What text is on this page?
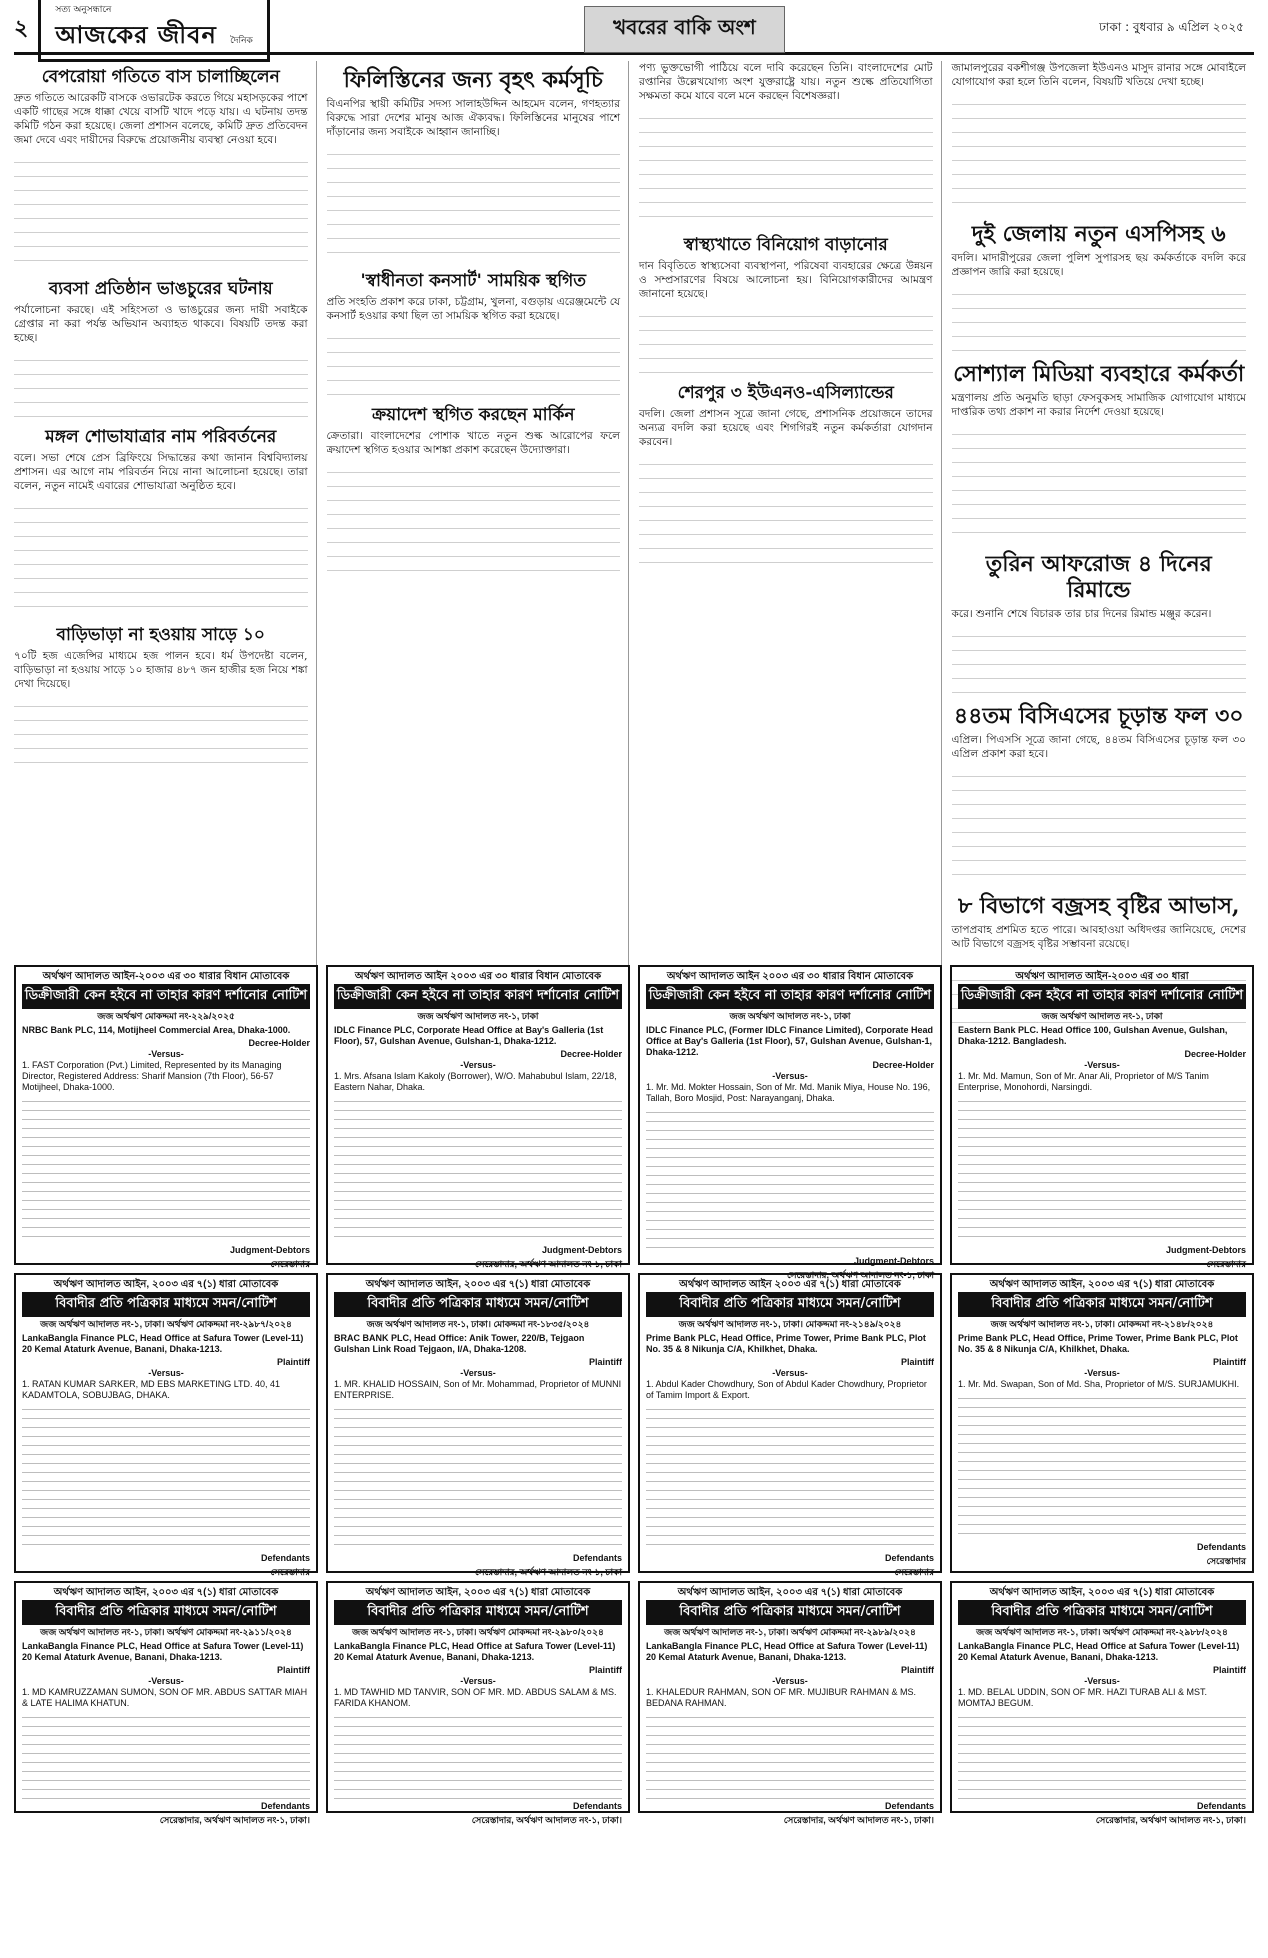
২
সত্য অনুসন্ধানে
আজকের জীবন দৈনিক
খবরের বাকি অংশ	ঢাকা : বুধবার ৯ এপ্রিল ২০২৫
বেপরোয়া গতিতে বাস চালাচ্ছিলেন

দ্রুত গতিতে আরেকটি বাসকে ওভারটেক করতে গিয়ে মহাসড়কের পাশে একটি গাছের সঙ্গে ধাক্কা খেয়ে বাসটি খাদে পড়ে যায়। এ ঘটনায় তদন্ত কমিটি গঠন করা হয়েছে। জেলা প্রশাসন বলেছে, কমিটি দ্রুত প্রতিবেদন জমা দেবে এবং দায়ীদের বিরুদ্ধে প্রয়োজনীয় ব্যবস্থা নেওয়া হবে।

ব্যবসা প্রতিষ্ঠান ভাঙচুরের ঘটনায়

পর্যালোচনা করছে। এই সহিংসতা ও ভাঙচুরের জন্য দায়ী সবাইকে গ্রেপ্তার না করা পর্যন্ত অভিযান অব্যাহত থাকবে। বিষয়টি তদন্ত করা হচ্ছে।

মঙ্গল শোভাযাত্রার নাম পরিবর্তনের

বলে। সভা শেষে প্রেস ব্রিফিংয়ে সিদ্ধান্তের কথা জানান বিশ্ববিদ্যালয় প্রশাসন। এর আগে নাম পরিবর্তন নিয়ে নানা আলোচনা হয়েছে। তারা বলেন, নতুন নামেই এবারের শোভাযাত্রা অনুষ্ঠিত হবে।

বাড়িভাড়া না হওয়ায় সাড়ে ১০

৭০টি হজ এজেন্সির মাধ্যমে হজ পালন হবে। ধর্ম উপদেষ্টা বলেন, বাড়িভাড়া না হওয়ায় সাড়ে ১০ হাজার ৪৮৭ জন হাজীর হজ নিয়ে শঙ্কা দেখা দিয়েছে।

ফিলিস্তিনের জন্য বৃহৎ কর্মসূচি

বিএনপির স্থায়ী কমিটির সদস্য সালাহউদ্দিন আহমেদ বলেন, গণহত্যার বিরুদ্ধে সারা দেশের মানুষ আজ ঐক্যবদ্ধ। ফিলিস্তিনের মানুষের পাশে দাঁড়ানোর জন্য সবাইকে আহ্বান জানাচ্ছি।

'স্বাধীনতা কনসার্ট' সাময়িক স্থগিত

প্রতি সংহতি প্রকাশ করে ঢাকা, চট্টগ্রাম, খুলনা, বগুড়ায় এরেঞ্জমেন্টে যে কনসার্ট হওয়ার কথা ছিল তা সাময়িক স্থগিত করা হয়েছে।

ক্রয়াদেশ স্থগিত করছেন মার্কিন

ক্রেতারা। বাংলাদেশের পোশাক খাতে নতুন শুল্ক আরোপের ফলে ক্রয়াদেশ স্থগিত হওয়ার আশঙ্কা প্রকাশ করেছেন উদ্যোক্তারা।

পণ্য ভুক্তভোগী পাঠিয়ে বলে দাবি করেছেন তিনি। বাংলাদেশের মোট রপ্তানির উল্লেখযোগ্য অংশ যুক্তরাষ্ট্রে যায়। নতুন শুল্কে প্রতিযোগিতা সক্ষমতা কমে যাবে বলে মনে করছেন বিশেষজ্ঞরা।

স্বাস্থ্যখাতে বিনিয়োগ বাড়ানোর

দান বিবৃতিতে স্বাস্থ্যসেবা ব্যবস্থাপনা, পরিষেবা ব্যবহারের ক্ষেত্রে উন্নয়ন ও সম্প্রসারণের বিষয়ে আলোচনা হয়। বিনিয়োগকারীদের আমন্ত্রণ জানানো হয়েছে।

শেরপুর ৩ ইউএনও-এসিল্যান্ডের

বদলি। জেলা প্রশাসন সূত্রে জানা গেছে, প্রশাসনিক প্রয়োজনে তাদের অন্যত্র বদলি করা হয়েছে এবং শিগগিরই নতুন কর্মকর্তারা যোগদান করবেন।

জামালপুরের বকশীগঞ্জ উপজেলা ইউএনও মাসুদ রানার সঙ্গে মোবাইলে যোগাযোগ করা হলে তিনি বলেন, বিষয়টি খতিয়ে দেখা হচ্ছে।

দুই জেলায় নতুন এসপিসহ ৬

বদলি। মাদারীপুরের জেলা পুলিশ সুপারসহ ছয় কর্মকর্তাকে বদলি করে প্রজ্ঞাপন জারি করা হয়েছে।

সোশ্যাল মিডিয়া ব্যবহারে কর্মকর্তা

মন্ত্রণালয় প্রতি অনুমতি ছাড়া ফেসবুকসহ সামাজিক যোগাযোগ মাধ্যমে দাপ্তরিক তথ্য প্রকাশ না করার নির্দেশ দেওয়া হয়েছে।

তুরিন আফরোজ ৪ দিনের রিমান্ডে

করে। শুনানি শেষে বিচারক তার চার দিনের রিমান্ড মঞ্জুর করেন।

৪৪তম বিসিএসের চূড়ান্ত ফল ৩০

এপ্রিল। পিএসসি সূত্রে জানা গেছে, ৪৪তম বিসিএসের চূড়ান্ত ফল ৩০ এপ্রিল প্রকাশ করা হবে।

৮ বিভাগে বজ্রসহ বৃষ্টির আভাস,

তাপপ্রবাহ প্রশমিত হতে পারে। আবহাওয়া অধিদপ্তর জানিয়েছে, দেশের আট বিভাগে বজ্রসহ বৃষ্টির সম্ভাবনা রয়েছে।

অর্থঋণ আদালত আইন-২০০৩ এর ৩০ ধারার বিধান মোতাবেক
ডিক্রীজারী কেন হইবে না তাহার কারণ দর্শানোর নোটিশ
জজ অর্থঋণ মোকদ্দমা নং-২২৯/২০২৫
NRBC Bank PLC, 114, Motijheel Commercial Area, Dhaka-1000.
Decree-Holder
-Versus-
1. FAST Corporation (Pvt.) Limited, Represented by its Managing Director, Registered Address: Sharif Mansion (7th Floor), 56-57 Motijheel, Dhaka-1000.
Judgment-Debtors
সেরেস্তাদার
অর্থঋণ আদালত আইন ২০০৩ এর ৩০ ধারার বিধান মোতাবেক
ডিক্রীজারী কেন হইবে না তাহার কারণ দর্শানোর নোটিশ
জজ অর্থঋণ আদালত নং-১, ঢাকা
IDLC Finance PLC, Corporate Head Office at Bay's Galleria (1st Floor), 57, Gulshan Avenue, Gulshan-1, Dhaka-1212.
Decree-Holder
-Versus-
1. Mrs. Afsana Islam Kakoly (Borrower), W/O. Mahabubul Islam, 22/18, Eastern Nahar, Dhaka.
Judgment-Debtors
সেরেস্তাদার, অর্থঋণ আদালত নং-১, ঢাকা
অর্থঋণ আদালত আইন ২০০৩ এর ৩০ ধারার বিধান মোতাবেক
ডিক্রীজারী কেন হইবে না তাহার কারণ দর্শানোর নোটিশ
জজ অর্থঋণ আদালত নং-১, ঢাকা
IDLC Finance PLC, (Former IDLC Finance Limited), Corporate Head Office at Bay's Galleria (1st Floor), 57, Gulshan Avenue, Gulshan-1, Dhaka-1212.
Decree-Holder
-Versus-
1. Mr. Md. Mokter Hossain, Son of Mr. Md. Manik Miya, House No. 196, Tallah, Boro Mosjid, Post: Narayanganj, Dhaka.
Judgment-Debtors
সেরেস্তাদার, অর্থঋণ আদালত নং-১, ঢাকা
অর্থঋণ আদালত আইন-২০০৩ এর ৩০ ধারা
ডিক্রীজারী কেন হইবে না তাহার কারণ দর্শানোর নোটিশ
জজ অর্থঋণ আদালত নং-১, ঢাকা
Eastern Bank PLC. Head Office 100, Gulshan Avenue, Gulshan, Dhaka-1212. Bangladesh.
Decree-Holder
-Versus-
1. Mr. Md. Mamun, Son of Mr. Anar Ali, Proprietor of M/S Tanim Enterprise, Monohordi, Narsingdi.
Judgment-Debtors
সেরেস্তাদার
অর্থঋণ আদালত আইন, ২০০৩ এর ৭(১) ধারা মোতাবেক
বিবাদীর প্রতি পত্রিকার মাধ্যমে সমন/নোটিশ
জজ অর্থঋণ আদালত নং-১, ঢাকা। অর্থঋণ মোকদ্দমা নং-২৯৮৭/২০২৪
LankaBangla Finance PLC, Head Office at Safura Tower (Level-11) 20 Kemal Ataturk Avenue, Banani, Dhaka-1213.
Plaintiff
-Versus-
1. RATAN KUMAR SARKER, MD EBS MARKETING LTD. 40, 41 KADAMTOLA, SOBUJBAG, DHAKA.
Defendants
সেরেস্তাদার
অর্থঋণ আদালত আইন, ২০০৩ এর ৭(১) ধারা মোতাবেক
বিবাদীর প্রতি পত্রিকার মাধ্যমে সমন/নোটিশ
জজ অর্থঋণ আদালত নং-১, ঢাকা। মোকদ্দমা নং-১৮৩৫/২০২৪
BRAC BANK PLC, Head Office: Anik Tower, 220/B, Tejgaon Gulshan Link Road Tejgaon, I/A, Dhaka-1208.
Plaintiff
-Versus-
1. MR. KHALID HOSSAIN, Son of Mr. Mohammad, Proprietor of MUNNI ENTERPRISE.
Defendants
সেরেস্তাদার, অর্থঋণ আদালত নং-১, ঢাকা
অর্থঋণ আদালত আইন ২০০৩ এর ৭(১) ধারা মোতাবেক
বিবাদীর প্রতি পত্রিকার মাধ্যমে সমন/নোটিশ
জজ অর্থঋণ আদালত নং-১, ঢাকা। মোকদ্দমা নং-২১৪৯/২০২৪
Prime Bank PLC, Head Office, Prime Tower, Prime Bank PLC, Plot No. 35 & 8 Nikunja C/A, Khilkhet, Dhaka.
Plaintiff
-Versus-
1. Abdul Kader Chowdhury, Son of Abdul Kader Chowdhury, Proprietor of Tamim Import & Export.
Defendants
সেরেস্তাদার
অর্থঋণ আদালত আইন, ২০০৩ এর ৭(১) ধারা মোতাবেক
বিবাদীর প্রতি পত্রিকার মাধ্যমে সমন/নোটিশ
জজ অর্থঋণ আদালত নং-১, ঢাকা। মোকদ্দমা নং-২১৪৮/২০২৪
Prime Bank PLC, Head Office, Prime Tower, Prime Bank PLC, Plot No. 35 & 8 Nikunja C/A, Khilkhet, Dhaka.
Plaintiff
-Versus-
1. Mr. Md. Swapan, Son of Md. Sha, Proprietor of M/S. SURJAMUKHI.
Defendants
সেরেস্তাদার
অর্থঋণ আদালত আইন, ২০০৩ এর ৭(১) ধারা মোতাবেক
বিবাদীর প্রতি পত্রিকার মাধ্যমে সমন/নোটিশ
জজ অর্থঋণ আদালত নং-১, ঢাকা। অর্থঋণ মোকদ্দমা নং-২৯১১/২০২৪
LankaBangla Finance PLC, Head Office at Safura Tower (Level-11) 20 Kemal Ataturk Avenue, Banani, Dhaka-1213.
Plaintiff
-Versus-
1. MD KAMRUZZAMAN SUMON, SON OF MR. ABDUS SATTAR MIAH & LATE HALIMA KHATUN.
Defendants
সেরেস্তাদার, অর্থঋণ আদালত নং-১, ঢাকা।
অর্থঋণ আদালত আইন, ২০০৩ এর ৭(১) ধারা মোতাবেক
বিবাদীর প্রতি পত্রিকার মাধ্যমে সমন/নোটিশ
জজ অর্থঋণ আদালত নং-১, ঢাকা। অর্থঋণ মোকদ্দমা নং-২৯৮০/২০২৪
LankaBangla Finance PLC, Head Office at Safura Tower (Level-11) 20 Kemal Ataturk Avenue, Banani, Dhaka-1213.
Plaintiff
-Versus-
1. MD TAWHID MD TANVIR, SON OF MR. MD. ABDUS SALAM & MS. FARIDA KHANOM.
Defendants
সেরেস্তাদার, অর্থঋণ আদালত নং-১, ঢাকা।
অর্থঋণ আদালত আইন, ২০০৩ এর ৭(১) ধারা মোতাবেক
বিবাদীর প্রতি পত্রিকার মাধ্যমে সমন/নোটিশ
জজ অর্থঋণ আদালত নং-১, ঢাকা। অর্থঋণ মোকদ্দমা নং-২৯৮৯/২০২৪
LankaBangla Finance PLC, Head Office at Safura Tower (Level-11) 20 Kemal Ataturk Avenue, Banani, Dhaka-1213.
Plaintiff
-Versus-
1. KHALEDUR RAHMAN, SON OF MR. MUJIBUR RAHMAN & MS. BEDANA RAHMAN.
Defendants
সেরেস্তাদার, অর্থঋণ আদালত নং-১, ঢাকা।
অর্থঋণ আদালত আইন, ২০০৩ এর ৭(১) ধারা মোতাবেক
বিবাদীর প্রতি পত্রিকার মাধ্যমে সমন/নোটিশ
জজ অর্থঋণ আদালত নং-১, ঢাকা। অর্থঋণ মোকদ্দমা নং-২৯৮৮/২০২৪
LankaBangla Finance PLC, Head Office at Safura Tower (Level-11) 20 Kemal Ataturk Avenue, Banani, Dhaka-1213.
Plaintiff
-Versus-
1. MD. BELAL UDDIN, SON OF MR. HAZI TURAB ALI & MST. MOMTAJ BEGUM.
Defendants
সেরেস্তাদার, অর্থঋণ আদালত নং-১, ঢাকা।
